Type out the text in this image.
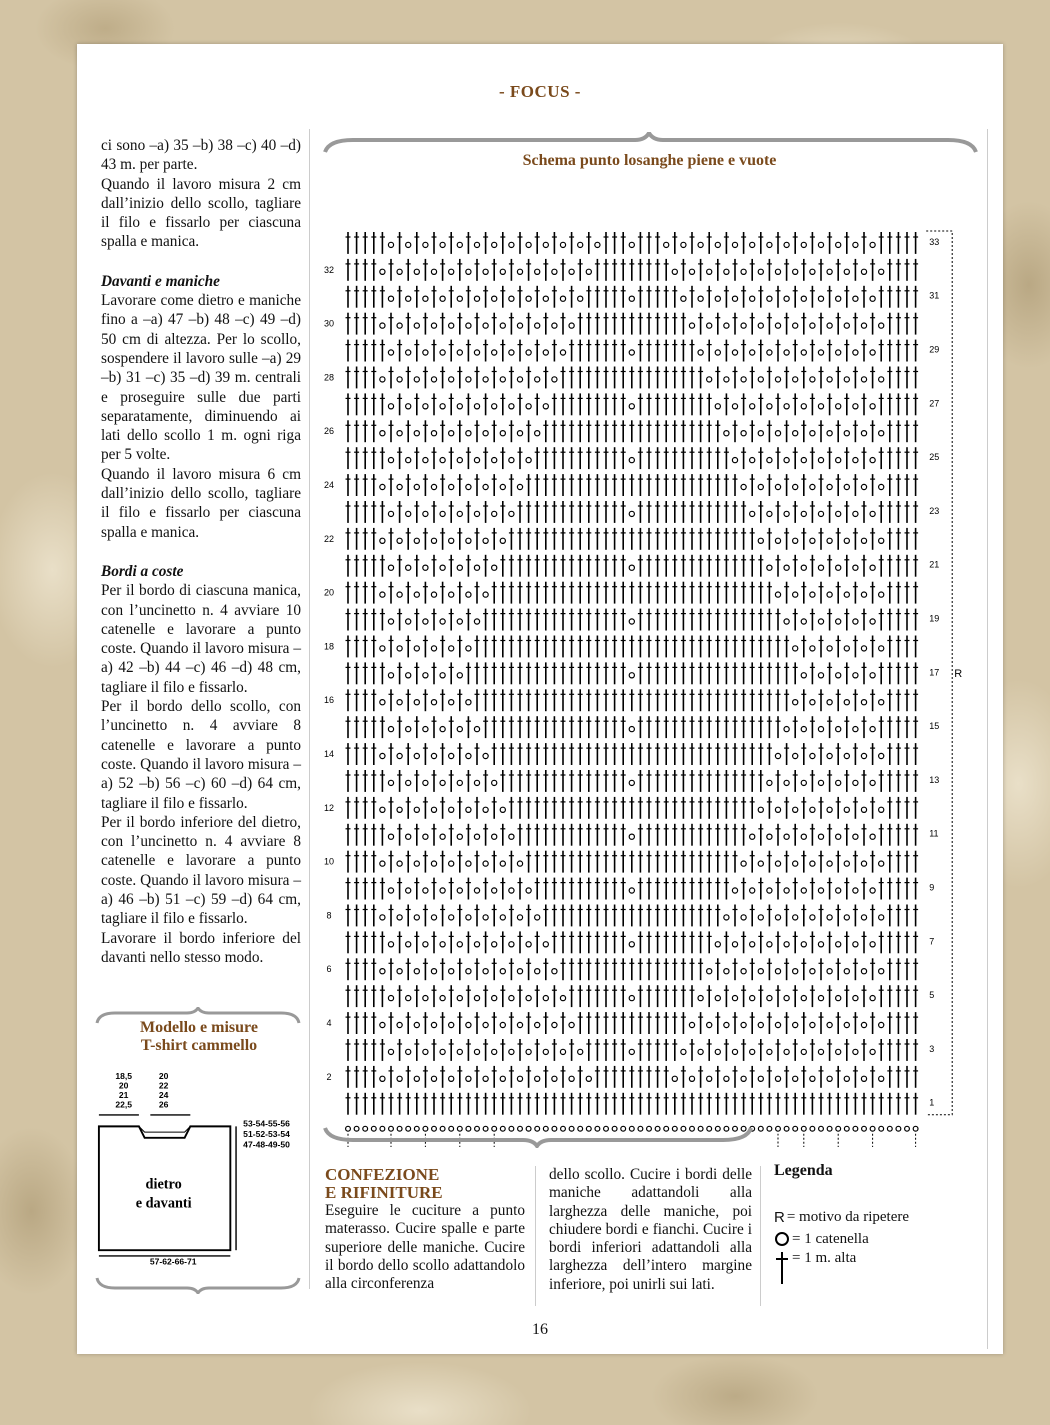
- FOCUS -

ci sono –a) 35 –b) 38 –c) 40 –d) 43 m. per parte.

Quando il lavoro misura 2 cm dall’inizio dello scollo, tagliare il filo e fissarlo per ciascuna spalla e manica.

Davanti e maniche

Lavorare come dietro e maniche fino a –a) 47 –b) 48 –c) 49 –d) 50 cm di altezza. Per lo scollo, sospendere il lavoro sulle –a) 29 –b) 31 –c) 35 –d) 39 m. centrali e proseguire sulle due parti separatamente, diminuendo ai lati dello scollo 1 m. ogni riga per 5 volte.

Quando il lavoro misura 6 cm dall’inizio dello scollo, tagliare il filo e fissarlo per ciascuna spalla e manica.

Bordi a coste

Per il bordo di ciascuna manica, con l’uncinetto n. 4 avviare 10 catenelle e lavorare a punto coste. Quando il lavoro misura –a) 42 –b) 44 –c) 46 –d) 48 cm, tagliare il filo e fissarlo.

Per il bordo dello scollo, con l’uncinetto n. 4 avviare 8 catenelle e lavorare a punto coste. Quando il lavoro misura –a) 52 –b) 56 –c) 60 –d) 64 cm, tagliare il filo e fissarlo.

Per il bordo inferiore del dietro, con l’uncinetto n. 4 avviare 8 catenelle e lavorare a punto coste. Quando il lavoro misura –a) 46 –b) 51 –c) 59 –d) 64 cm, tagliare il filo e fissarlo.

Lavorare il bordo inferiore del davanti nello stesso modo.

Modello e misure
T-shirt cammello
18,5
20
21
22,5
20
22
24
26
53-54-55-56
51-52-53-54
47-48-49-50
57-62-66-71
dietro
e davanti
Schema punto losanghe piene e vuote
2
4
6
8
10
12
14
16
18
20
22
24
26
28
30
32
1
3
5
7
9
11
13
15
17
19
21
23
25
27
29
31
33
R
CONFEZIONE
E RIFINITURE
Eseguire le cuciture a punto materasso. Cucire spalle e parte superiore delle maniche. Cucire il bordo dello scollo adattandolo alla circonferenza
dello scollo. Cucire i bordi delle maniche adattandoli alla larghezza delle maniche, poi chiudere bordi e fianchi. Cucire i bordi inferiori adattandoli alla larghezza dell’intero margine inferiore, poi unirli sui lati.
Legenda
R = motivo da ripetere
= 1 catenella
= 1 m. alta
16
